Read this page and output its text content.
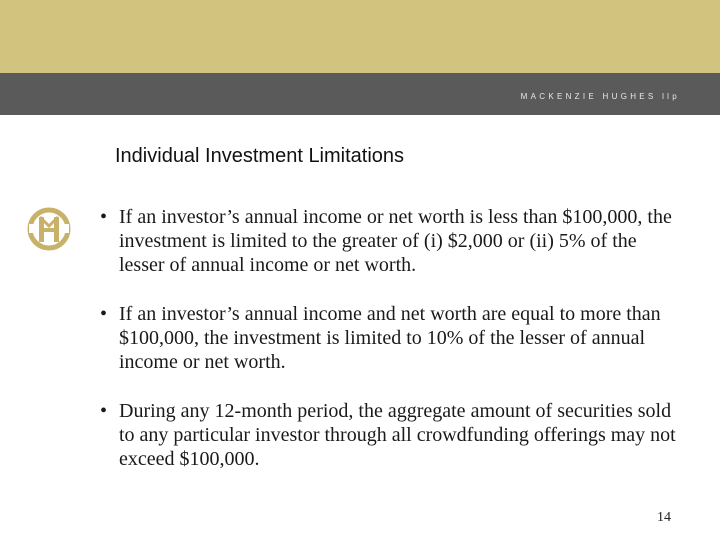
MACKENZIE HUGHES llp
Individual Investment Limitations
• If an investor’s annual income or net worth is less than $100,000, the investment is limited to the greater of (i) $2,000 or (ii) 5% of the lesser of annual income or net worth.
• If an investor’s annual income and net worth are equal to more than $100,000, the investment is limited to 10% of the lesser of annual income or net worth.
• During any 12-month period, the aggregate amount of securities sold to any particular investor through all crowdfunding offerings may not exceed $100,000.
14
